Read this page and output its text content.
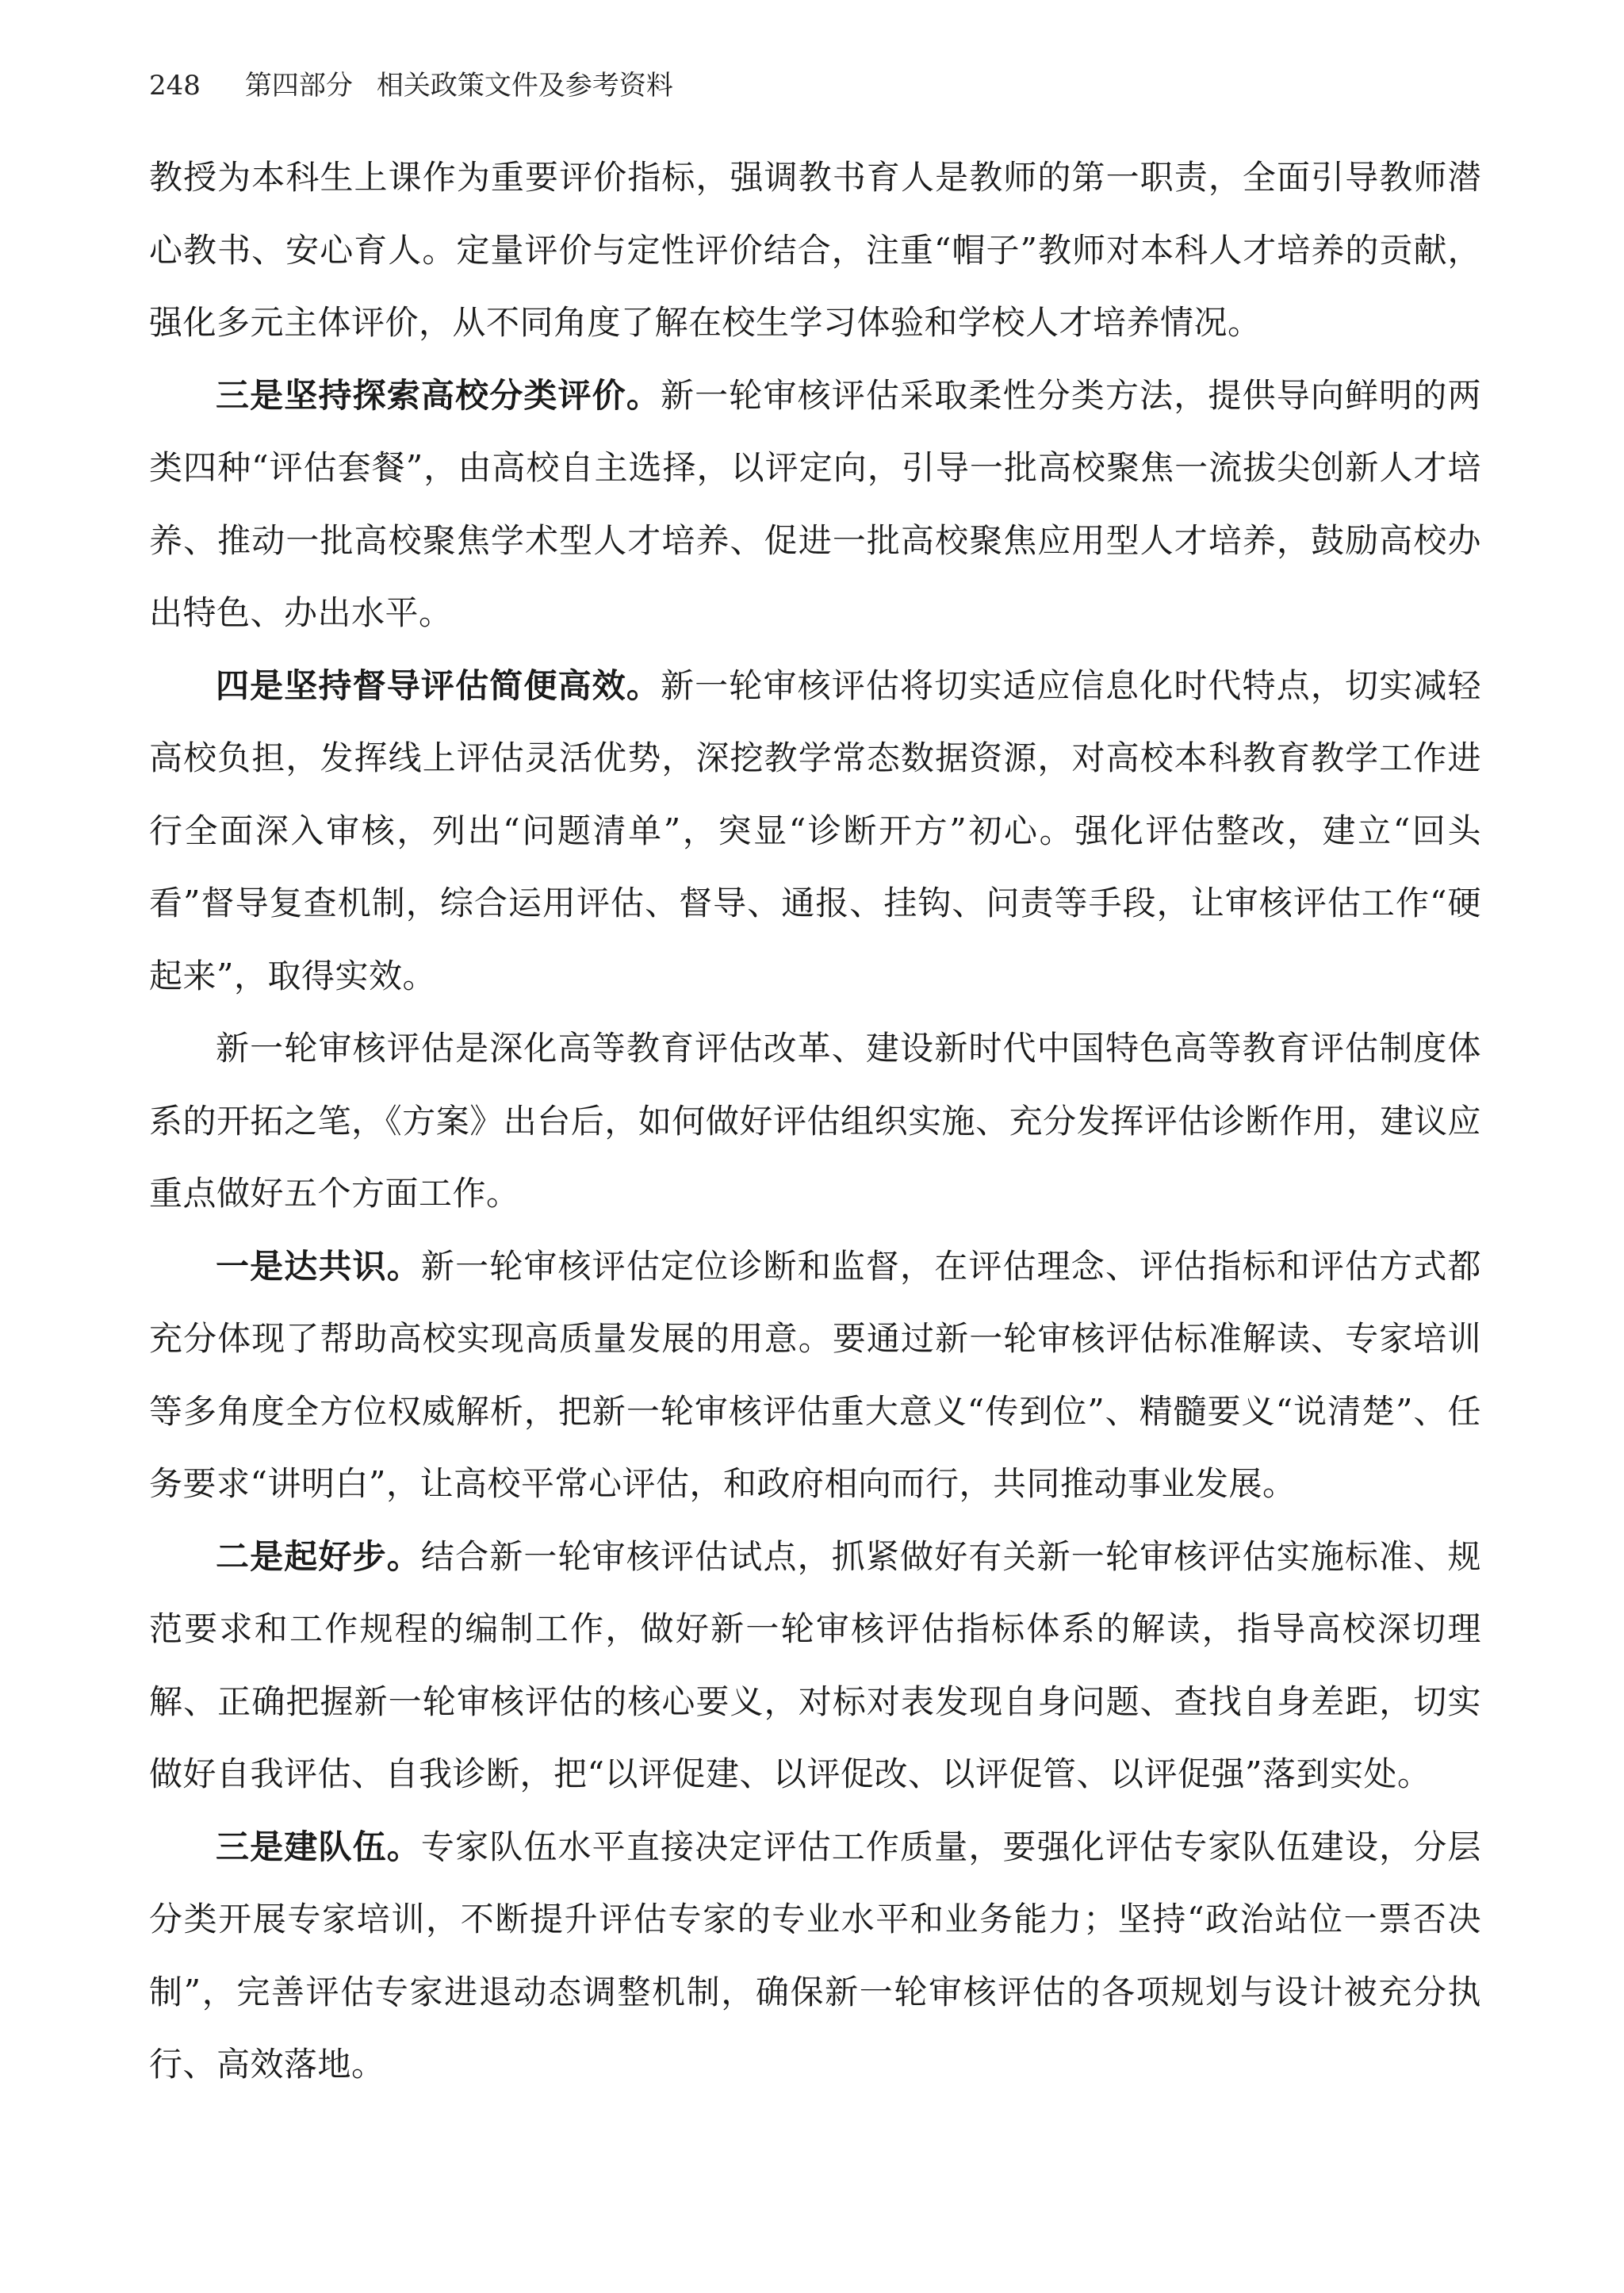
248 第四部分 相关政策文件及参考资料

教授为本科生上课作为重要评价指标，强调教书育人是教师的第一职责，全面引导教师潜心教书、安心育人。定量评价与定性评价结合，注重“帽子”教师对本科人才培养的贡献，强化多元主体评价，从不同角度了解在校生学习体验和学校人才培养情况。

三是坚持探索高校分类评价。新一轮审核评估采取柔性分类方法，提供导向鲜明的两类四种“评估套餐”，由高校自主选择，以评定向，引导一批高校聚焦一流拔尖创新人才培养、推动一批高校聚焦学术型人才培养、促进一批高校聚焦应用型人才培养，鼓励高校办出特色、办出水平。

四是坚持督导评估简便高效。新一轮审核评估将切实适应信息化时代特点，切实减轻高校负担，发挥线上评估灵活优势，深挖教学常态数据资源，对高校本科教育教学工作进行全面深入审核，列出“问题清单”，突显“诊断开方”初心。强化评估整改，建立“回头看”督导复查机制，综合运用评估、督导、通报、挂钩、问责等手段，让审核评估工作“硬起来”，取得实效。

新一轮审核评估是深化高等教育评估改革、建设新时代中国特色高等教育评估制度体系的开拓之笔，《方案》出台后，如何做好评估组织实施、充分发挥评估诊断作用，建议应重点做好五个方面工作。

一是达共识。新一轮审核评估定位诊断和监督，在评估理念、评估指标和评估方式都充分体现了帮助高校实现高质量发展的用意。要通过新一轮审核评估标准解读、专家培训等多角度全方位权威解析，把新一轮审核评估重大意义“传到位”、精髓要义“说清楚”、任务要求“讲明白”，让高校平常心评估，和政府相向而行，共同推动事业发展。

二是起好步。结合新一轮审核评估试点，抓紧做好有关新一轮审核评估实施标准、规范要求和工作规程的编制工作，做好新一轮审核评估指标体系的解读，指导高校深切理解、正确把握新一轮审核评估的核心要义，对标对表发现自身问题、查找自身差距，切实做好自我评估、自我诊断，把“以评促建、以评促改、以评促管、以评促强”落到实处。

三是建队伍。专家队伍水平直接决定评估工作质量，要强化评估专家队伍建设，分层分类开展专家培训，不断提升评估专家的专业水平和业务能力；坚持“政治站位一票否决制”，完善评估专家进退动态调整机制，确保新一轮审核评估的各项规划与设计被充分执行、高效落地。
